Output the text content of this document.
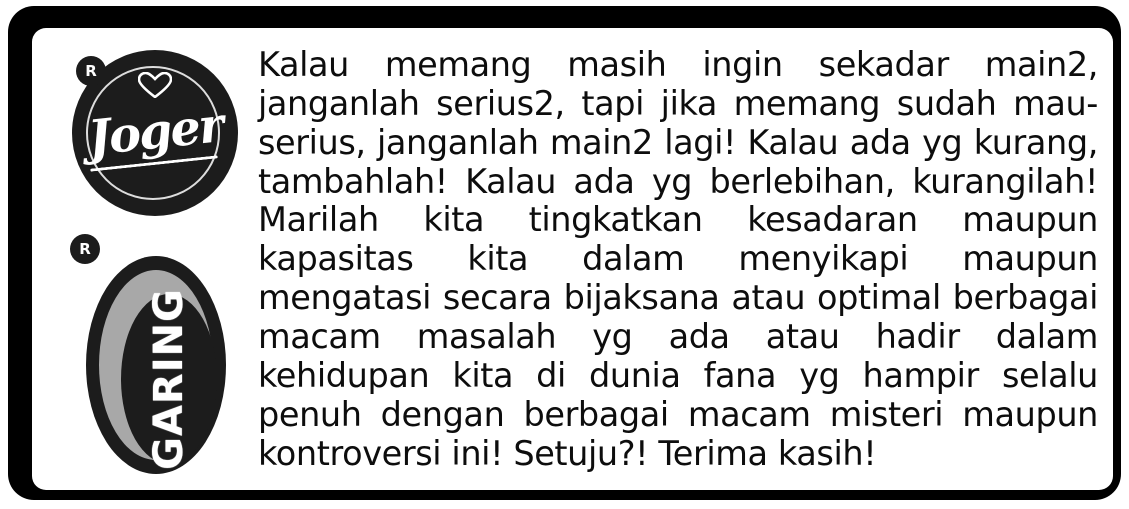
Joger
R
GARING
R

Kalau memang masih ingin sekadar main2, janganlah serius2, tapi jika memang sudah mau-serius, janganlah main2 lagi! Kalau ada yg kurang, tambahlah! Kalau ada yg berlebihan, kurangilah! Marilah kita tingkatkan kesadaran maupun kapasitas kita dalam menyikapi maupun mengatasi secara bijaksana atau optimal berbagai macam masalah yg ada atau hadir dalam kehidupan kita di dunia fana yg hampir selalu penuh dengan berbagai macam misteri maupun kontroversi ini! Setuju?! Terima kasih!
